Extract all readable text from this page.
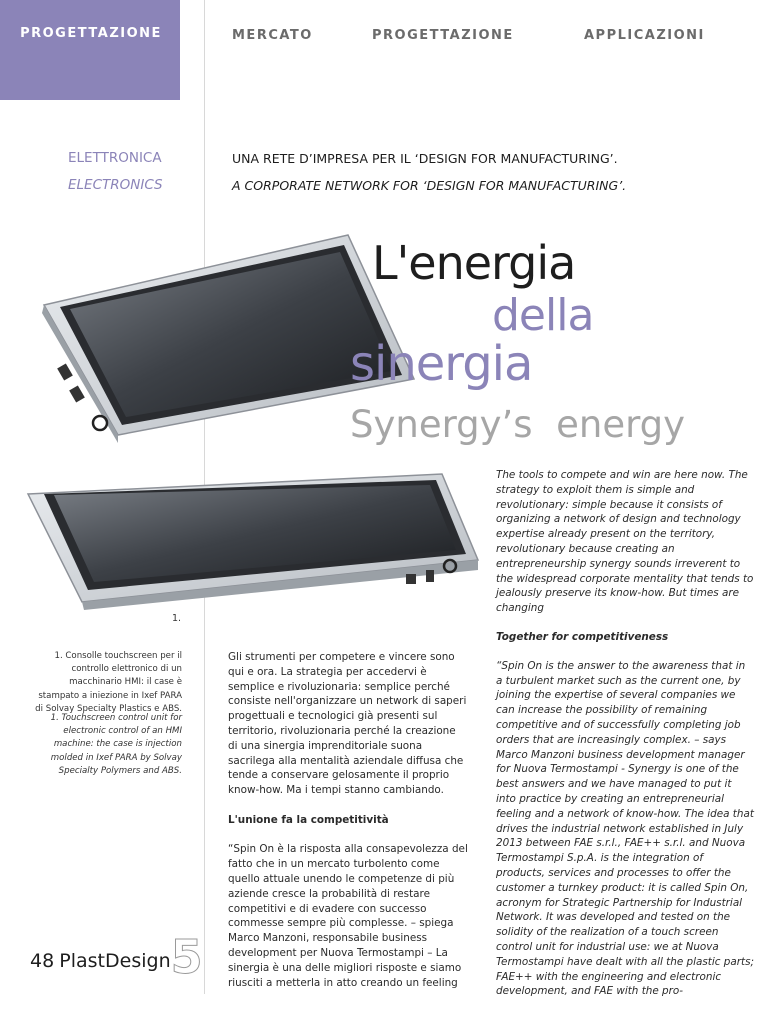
PROGETTAZIONE	MERCATO	PROGETTAZIONE	APPLICAZIONI
ELETTRONICA
ELECTRONICS
UNA RETE D’IMPRESA PER IL ‘DESIGN FOR MANUFACTURING’.
A CORPORATE NETWORK FOR ‘DESIGN FOR MANUFACTURING’.
L'energia
della
sinergia
Synergy’s  energy
1.
1. Consolle touchscreen per il controllo elettronico di un macchinario HMI: il case è stampato a iniezione in Ixef PARA di Solvay Specialty Plastics e ABS.
1. Touchscreen control unit for electronic control of an HMI machine: the case is injection molded in Ixef PARA by Solvay Specialty Polymers and ABS.

Gli strumenti per competere e vincere sono qui e ora. La strategia per accedervi è semplice e rivoluzionaria: semplice perché consiste nell'organizzare un network di saperi progettuali e tecnologici già presenti sul territorio, rivoluzionaria perché la creazione di una sinergia imprenditoriale suona sacrilega alla mentalità aziendale diffusa che tende a conservare gelosamente il proprio know-how. Ma i tempi stanno cambiando.

L'unione fa la competitività

“Spin On è la risposta alla consapevolezza del fatto che in un mercato turbolento come quello attuale unendo le competenze di più aziende cresce la probabilità di restare competitivi e di evadere con successo commesse sempre più complesse. – spiega Marco Manzoni, responsabile business development per Nuova Termostampi – La sinergia è una delle migliori risposte e siamo riusciti a metterla in atto creando un feeling

The tools to compete and win are here now. The strategy to exploit them is simple and revolutionary: simple because it consists of organizing a network of design and technology expertise already present on the territory, revolutionary because creating an entrepreneurship synergy sounds irreverent to the widespread corporate mentality that tends to jealously preserve its know-how. But times are changing

Together for competitiveness

“Spin On is the answer to the awareness that in a turbulent market such as the current one, by joining the expertise of several companies we can increase the possibility of remaining competitive and of successfully completing job orders that are increasingly complex. – says Marco Manzoni business development manager for Nuova Termostampi - Synergy is one of the best answers and we have managed to put it into practice by creating an entrepreneurial feeling and a network of know-how. The idea that drives the industrial network established in July 2013 between FAE s.r.l., FAE++ s.r.l. and Nuova Termostampi S.p.A. is the integration of products, services and processes to offer the customer a turnkey product: it is called Spin On, acronym for Strategic Partnership for Industrial Network. It was developed and tested on the solidity of the realization of a touch screen control unit for industrial use: we at Nuova Termostampi have dealt with all the plastic parts; FAE++ with the engineering and electronic development, and FAE with the pro-

48 PlastDesign5
